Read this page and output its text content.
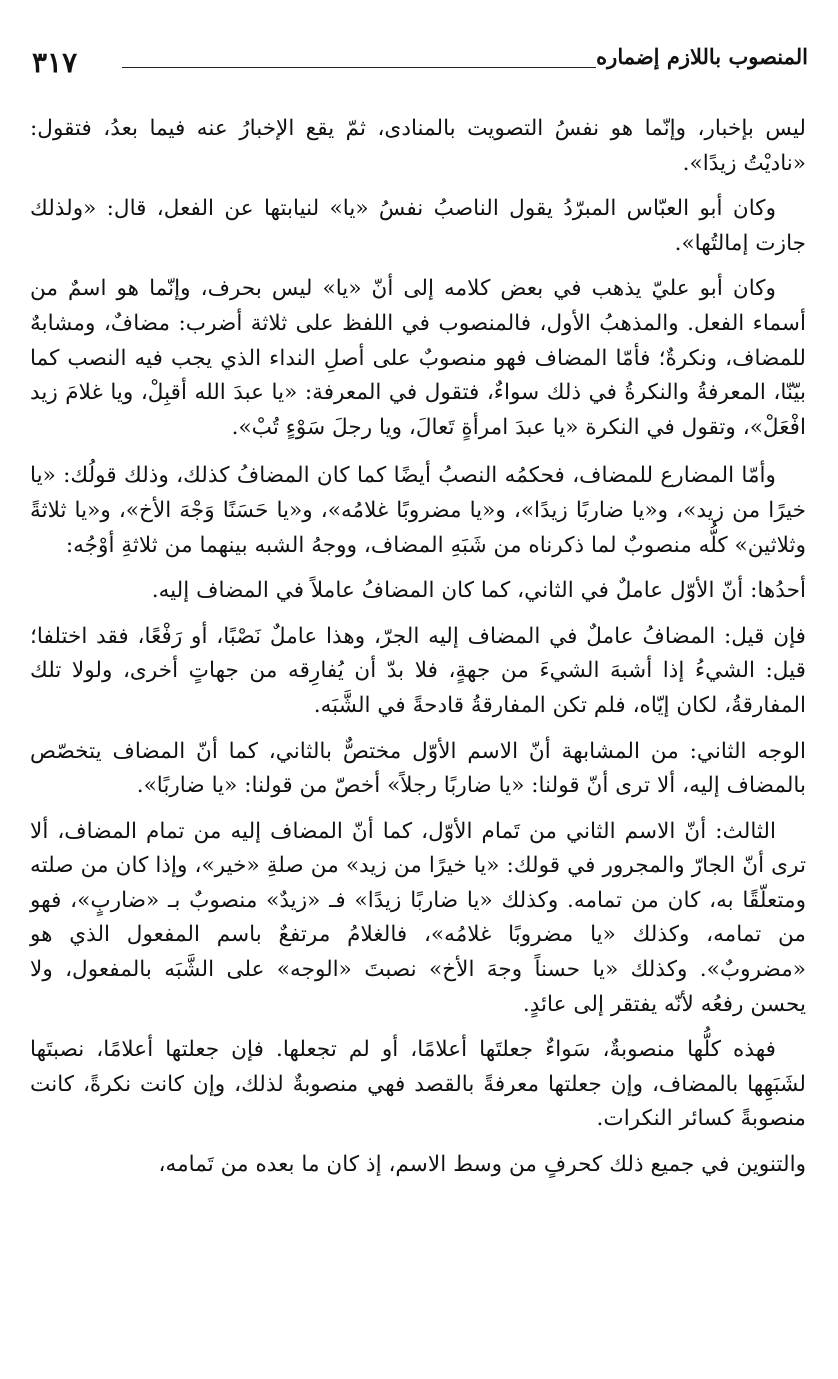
المنصوب باللازم إضماره
٣١٧

ليس بإخبار، وإنّما هو نفسُ التصويت بالمنادى، ثمّ يقع الإخبارُ عنه فيما بعدُ، فتقول: «ناديْتُ زيدًا».

وكان أبو العبّاس المبرّدُ يقول الناصبُ نفسُ «يا» لنيابتها عن الفعل، قال: «ولذلك جازت إمالتُها».

وكان أبو عليّ يذهب في بعض كلامه إلى أنّ «يا» ليس بحرف، وإنّما هو اسمٌ من أسماء الفعل. والمذهبُ الأول، فالمنصوب في اللفظ على ثلاثة أضرب: مضافٌ، ومشابهٌ للمضاف، ونكرةٌ؛ فأمّا المضاف فهو منصوبٌ على أصلِ النداء الذي يجب فيه النصب كما بيّنّا، المعرفةُ والنكرةُ في ذلك سواءٌ، فتقول في المعرفة: «يا عبدَ الله أقبِلْ، ويا غلامَ زيد افْعَلْ»، وتقول في النكرة «يا عبدَ امرأةٍ تَعالَ، ويا رجلَ سَوْءٍ تُبْ».

وأمّا المضارع للمضاف، فحكمُه النصبُ أيضًا كما كان المضافُ كذلك، وذلك قولُك: «يا خيرًا من زيد»، و«يا ضاربًا زيدًا»، و«يا مضروبًا غلامُه»، و«يا حَسَنًا وَجْهَ الأخ»، و«يا ثلاثةً وثلاثين» كلُّه منصوبٌ لما ذكرناه من شَبَهِ المضاف، ووجهُ الشبه بينهما من ثلاثةِ أوْجُه:

أحدُها: أنّ الأوّل عاملٌ في الثاني، كما كان المضافُ عاملاً في المضاف إليه.

فإن قيل: المضافُ عاملٌ في المضاف إليه الجرّ، وهذا عاملٌ نَصْبًا، أو رَفْعًا، فقد اختلفا؛ قيل: الشيءُ إذا أشبهَ الشيءَ من جهةٍ، فلا بدّ أن يُفارِقه من جهاتٍ أخرى، ولولا تلك المفارقةُ، لكان إيّاه، فلم تكن المفارقةُ قادحةً في الشَّبَه.

الوجه الثاني: من المشابهة أنّ الاسم الأوّل مختصٌّ بالثاني، كما أنّ المضاف يتخصّص بالمضاف إليه، ألا ترى أنّ قولنا: «يا ضاربًا رجلاً» أخصّ من قولنا: «يا ضاربًا».

الثالث: أنّ الاسم الثاني من تَمام الأوّل، كما أنّ المضاف إليه من تمام المضاف، ألا ترى أنّ الجارّ والمجرور في قولك: «يا خيرًا من زيد» من صلةِ «خير»، وإذا كان من صلته ومتعلّقًا به، كان من تمامه. وكذلك «يا ضاربًا زيدًا» فـ «زيدٌ» منصوبٌ بـ «ضاربٍ»، فهو من تمامه، وكذلك «يا مضروبًا غلامُه»، فالغلامُ مرتفعٌ باسم المفعول الذي هو «مضروبٌ». وكذلك «يا حسناً وجهَ الأخ» نصبتَ «الوجه» على الشَّبَه بالمفعول، ولا يحسن رفعُه لأنّه يفتقر إلى عائدٍ.

فهذه كلُّها منصوبةٌ، سَواءٌ جعلتَها أعلامًا، أو لم تجعلها. فإن جعلتها أعلامًا، نصبتَها لشَبَهِها بالمضاف، وإن جعلتها معرفةً بالقصد فهي منصوبةٌ لذلك، وإن كانت نكرةً، كانت منصوبةً كسائر النكرات.

والتنوين في جميع ذلك كحرفٍ من وسط الاسم، إذ كان ما بعده من تَمامه،
